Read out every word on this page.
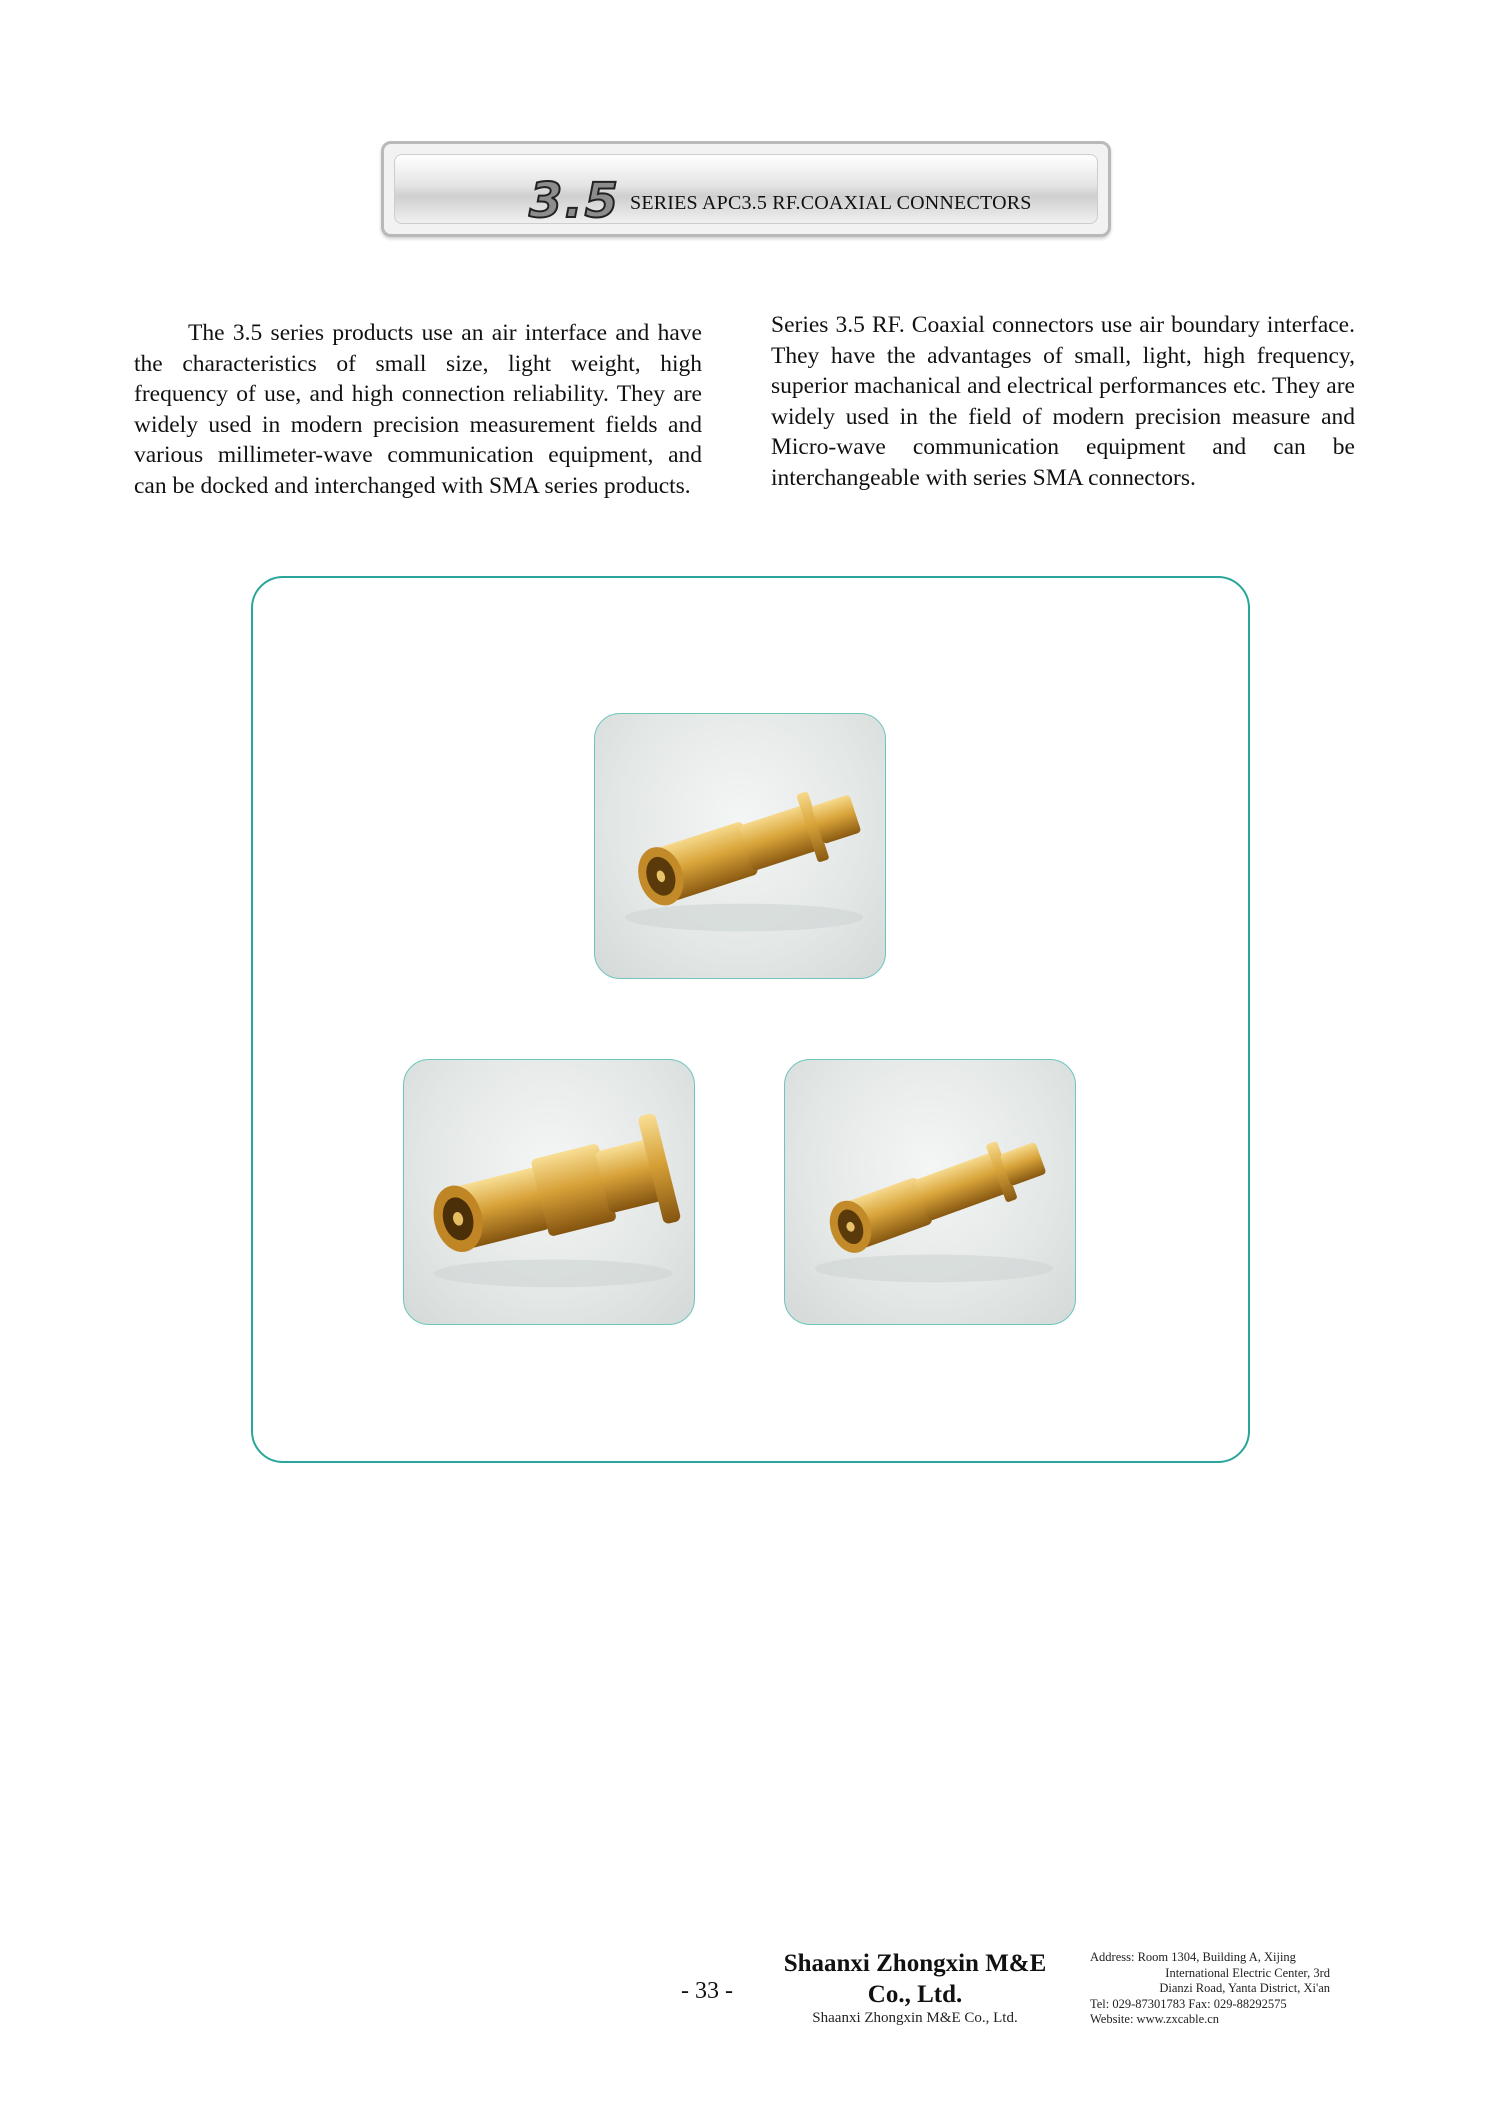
3.5 SERIES APC3.5 RF.COAXIAL CONNECTORS

The 3.5 series products use an air interface and have the characteristics of small size, light weight, high frequency of use, and high connection reliability. They are widely used in modern precision measurement fields and various millimeter-wave communication equipment, and can be docked and interchanged with SMA series products.

Series 3.5 RF. Coaxial connectors use air boundary interface. They have the advantages of small, light, high frequency, superior machanical and electrical performances etc. They are widely used in the field of modern precision measure and Micro-wave communication equipment and can be interchangeable with series SMA connectors.

- 33 -
Shaanxi Zhongxin M&E
Co., Ltd.
Shaanxi Zhongxin M&E Co., Ltd.
Address: Room 1304, Building A, Xijing
International Electric Center, 3rd
Dianzi Road, Yanta District, Xi'an
Tel: 029-87301783 Fax: 029-88292575
Website: www.zxcable.cn
